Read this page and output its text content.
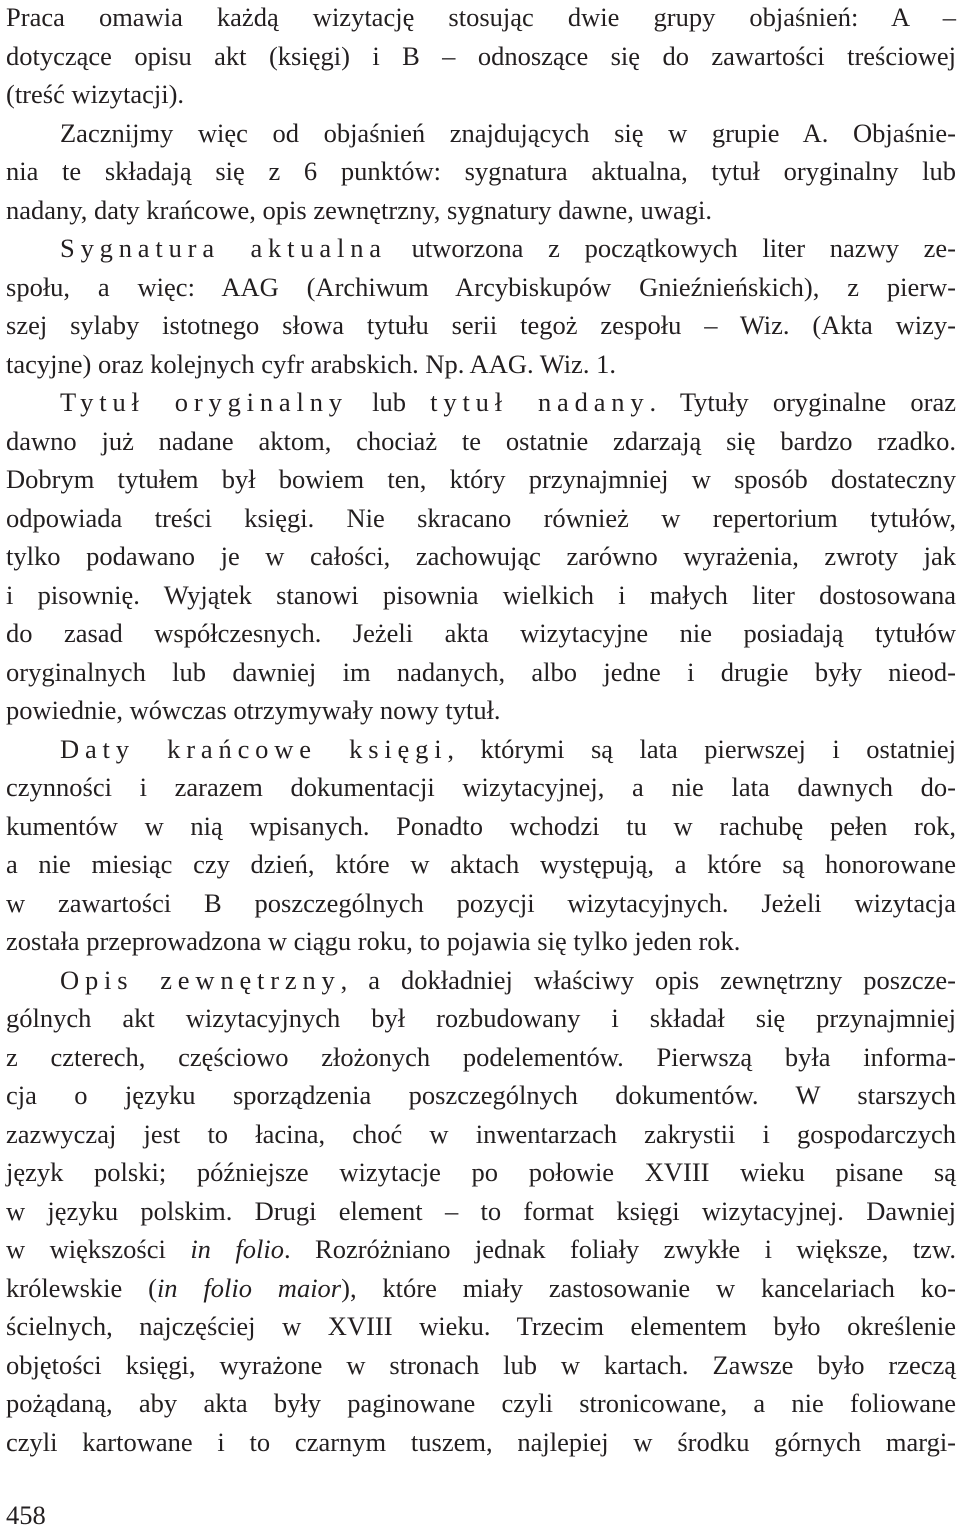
Praca omawia każdą wizytację stosując dwie grupy objaśnień: A –
dotyczące opisu akt (księgi) i B – odnoszące się do zawartości treściowej
(treść wizytacji).
Zacznijmy więc od objaśnień znajdujących się w grupie A. Objaśnie-
nia te składają się z 6 punktów: sygnatura aktualna, tytuł oryginalny lub
nadany, daty krańcowe, opis zewnętrzny, sygnatury dawne, uwagi.
Sygnatura aktualna utworzona z początkowych liter nazwy ze-
społu, a więc: AAG (Archiwum Arcybiskupów Gnieźnieńskich), z pierw-
szej sylaby istotnego słowa tytułu serii tegoż zespołu – Wiz. (Akta wizy-
tacyjne) oraz kolejnych cyfr arabskich. Np. AAG. Wiz. 1.
Tytuł oryginalny lub tytuł nadany. Tytuły oryginalne oraz
dawno już nadane aktom, chociaż te ostatnie zdarzają się bardzo rzadko.
Dobrym tytułem był bowiem ten, który przynajmniej w sposób dostateczny
odpowiada treści księgi. Nie skracano również w repertorium tytułów,
tylko podawano je w całości, zachowując zarówno wyrażenia, zwroty jak
i pisownię. Wyjątek stanowi pisownia wielkich i małych liter dostosowana
do zasad współczesnych. Jeżeli akta wizytacyjne nie posiadają tytułów
oryginalnych lub dawniej im nadanych, albo jedne i drugie były nieod-
powiednie, wówczas otrzymywały nowy tytuł.
Daty krańcowe księgi, którymi są lata pierwszej i ostatniej
czynności i zarazem dokumentacji wizytacyjnej, a nie lata dawnych do-
kumentów w nią wpisanych. Ponadto wchodzi tu w rachubę pełen rok,
a nie miesiąc czy dzień, które w aktach występują, a które są honorowane
w zawartości B poszczególnych pozycji wizytacyjnych. Jeżeli wizytacja
została przeprowadzona w ciągu roku, to pojawia się tylko jeden rok.
Opis zewnętrzny, a dokładniej właściwy opis zewnętrzny poszcze-
gólnych akt wizytacyjnych był rozbudowany i składał się przynajmniej
z czterech, częściowo złożonych podelementów. Pierwszą była informa-
cja o języku sporządzenia poszczególnych dokumentów. W starszych
zazwyczaj jest to łacina, choć w inwentarzach zakrystii i gospodarczych
język polski; późniejsze wizytacje po połowie XVIII wieku pisane są
w języku polskim. Drugi element – to format księgi wizytacyjnej. Dawniej
w większości in folio. Rozróżniano jednak foliały zwykłe i większe, tzw.
królewskie (in folio maior), które miały zastosowanie w kancelariach ko-
ścielnych, najczęściej w XVIII wieku. Trzecim elementem było określenie
objętości księgi, wyrażone w stronach lub w kartach. Zawsze było rzeczą
pożądaną, aby akta były paginowane czyli stronicowane, a nie foliowane
czyli kartowane i to czarnym tuszem, najlepiej w środku górnych margi-
458
